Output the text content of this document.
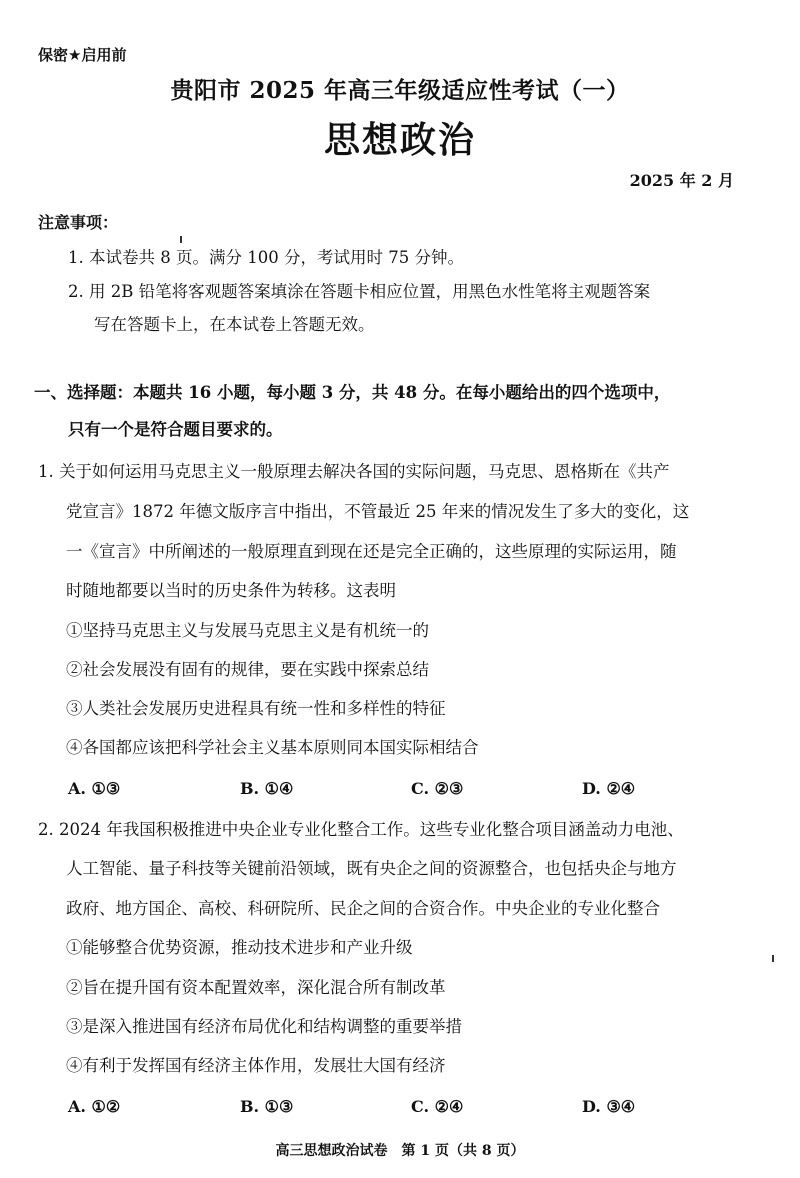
保密★启用前
贵阳市 2025 年高三年级适应性考试（一）
思想政治
2025 年 2 月
注意事项：
1. 本试卷共 8 页。满分 100 分，考试用时 75 分钟。
2. 用 2B 铅笔将客观题答案填涂在答题卡相应位置，用黑色水性笔将主观题答案
写在答题卡上，在本试卷上答题无效。
一、选择题：本题共 16 小题，每小题 3 分，共 48 分。在每小题给出的四个选项中，
只有一个是符合题目要求的。
1. 关于如何运用马克思主义一般原理去解决各国的实际问题，马克思、恩格斯在《共产
党宣言》1872 年德文版序言中指出，不管最近 25 年来的情况发生了多大的变化，这
一《宣言》中所阐述的一般原理直到现在还是完全正确的，这些原理的实际运用，随
时随地都要以当时的历史条件为转移。这表明
①坚持马克思主义与发展马克思主义是有机统一的
②社会发展没有固有的规律，要在实践中探索总结
③人类社会发展历史进程具有统一性和多样性的特征
④各国都应该把科学社会主义基本原则同本国实际相结合
A. ①③	B. ①④	C. ②③	D. ②④
2. 2024 年我国积极推进中央企业专业化整合工作。这些专业化整合项目涵盖动力电池、
人工智能、量子科技等关键前沿领域，既有央企之间的资源整合，也包括央企与地方
政府、地方国企、高校、科研院所、民企之间的合资合作。中央企业的专业化整合
①能够整合优势资源，推动技术进步和产业升级
②旨在提升国有资本配置效率，深化混合所有制改革
③是深入推进国有经济布局优化和结构调整的重要举措
④有利于发挥国有经济主体作用，发展壮大国有经济
A. ①②	B. ①③	C. ②④	D. ③④
高三思想政治试卷　第 1 页（共 8 页）
